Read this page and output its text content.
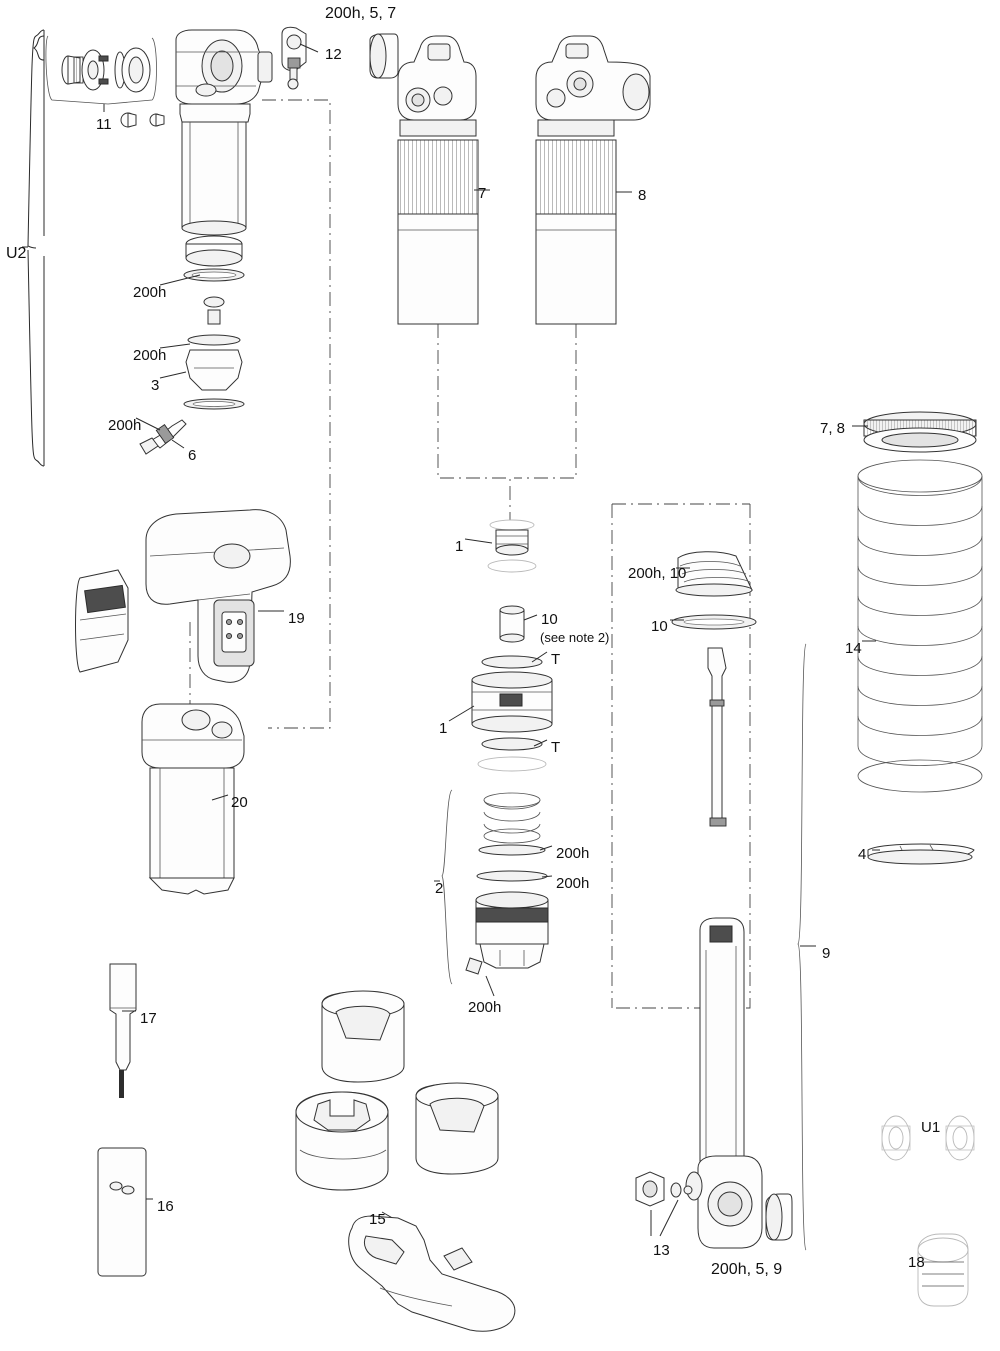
U2
11
200h, 5, 7
12
7	8
200h
200h
3
200h
6
19
20
1
10
(see note 2)
T
1
T
2
200h
200h
200h
200h, 10
10
7, 8
14
4
9
17
16
15
13
200h, 5, 9
U1
18
